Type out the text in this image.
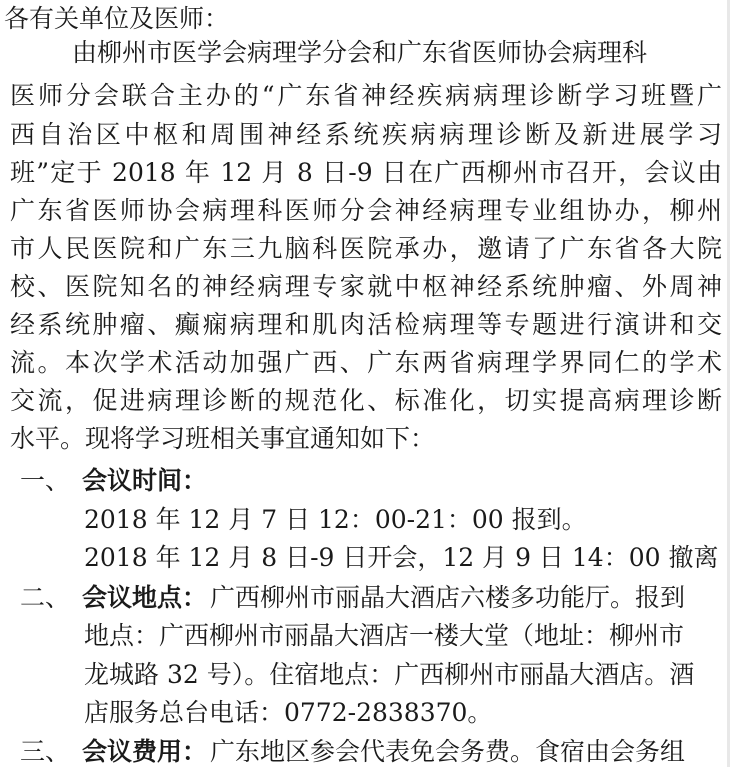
各有关单位及医师：
由柳州市医学会病理学分会和广东省医师协会病理科
医师分会联合主办的“广东省神经疾病病理诊断学习班暨广
西自治区中枢和周围神经系统疾病病理诊断及新进展学习
班”定于 2018 年 12 月 8 日-9 日在广西柳州市召开，会议由
广东省医师协会病理科医师分会神经病理专业组协办，柳州
市人民医院和广东三九脑科医院承办，邀请了广东省各大院
校、医院知名的神经病理专家就中枢神经系统肿瘤、外周神
经系统肿瘤、癫痫病理和肌肉活检病理等专题进行演讲和交
流。本次学术活动加强广西、广东两省病理学界同仁的学术
交流，促进病理诊断的规范化、标准化，切实提高病理诊断
水平。现将学习班相关事宜通知如下：
一、 会议时间：
2018 年 12 月 7 日 12：00-21：00 报到。
2018 年 12 月 8 日-9 日开会，12 月 9 日 14：00 撤离
二、 会议地点： 广西柳州市丽晶大酒店六楼多功能厅。报到
地点：广西柳州市丽晶大酒店一楼大堂（地址：柳州市
龙城路 32 号）。住宿地点：广西柳州市丽晶大酒店。酒
店服务总台电话：0772-2838370。
三、 会议费用： 广东地区参会代表免会务费。食宿由会务组
